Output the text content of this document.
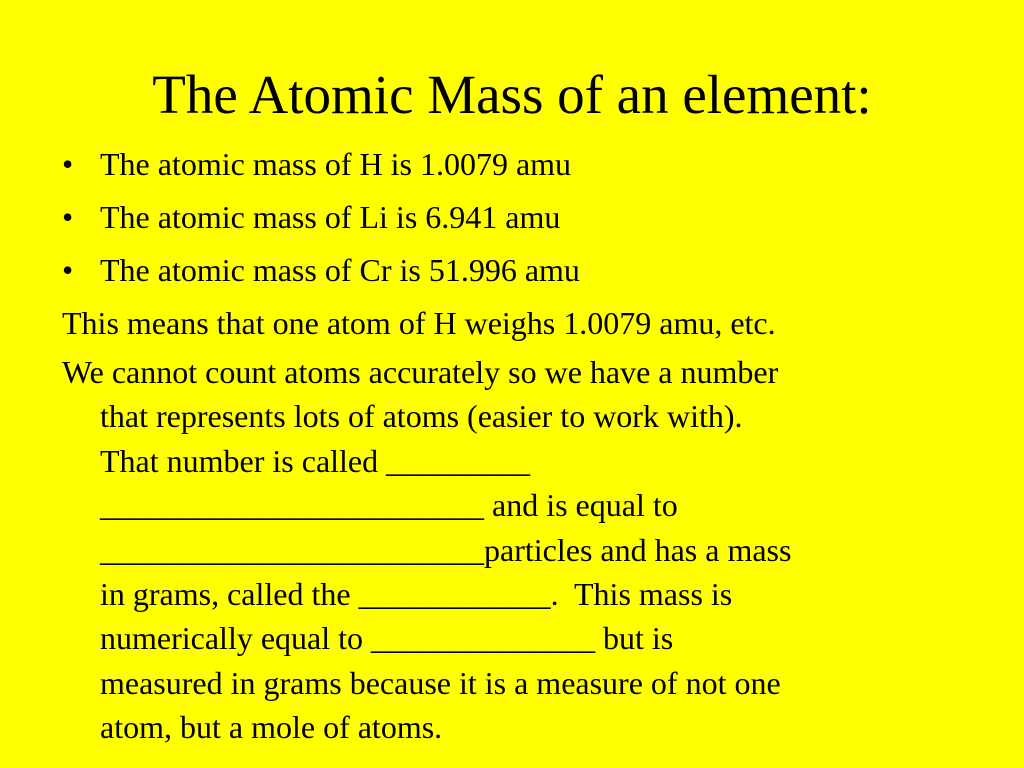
The Atomic Mass of an element:
• The atomic mass of H is 1.0079 amu
• The atomic mass of Li is 6.941 amu
• The atomic mass of Cr is 51.996 amu
This means that one atom of H weighs 1.0079 amu, etc.
We cannot count atoms accurately so we have a number
that represents lots of atoms (easier to work with).
That number is called _________
________________________ and is equal to
________________________particles and has a mass
in grams, called the ____________.  This mass is
numerically equal to ______________ but is
measured in grams because it is a measure of not one
atom, but a mole of atoms.
